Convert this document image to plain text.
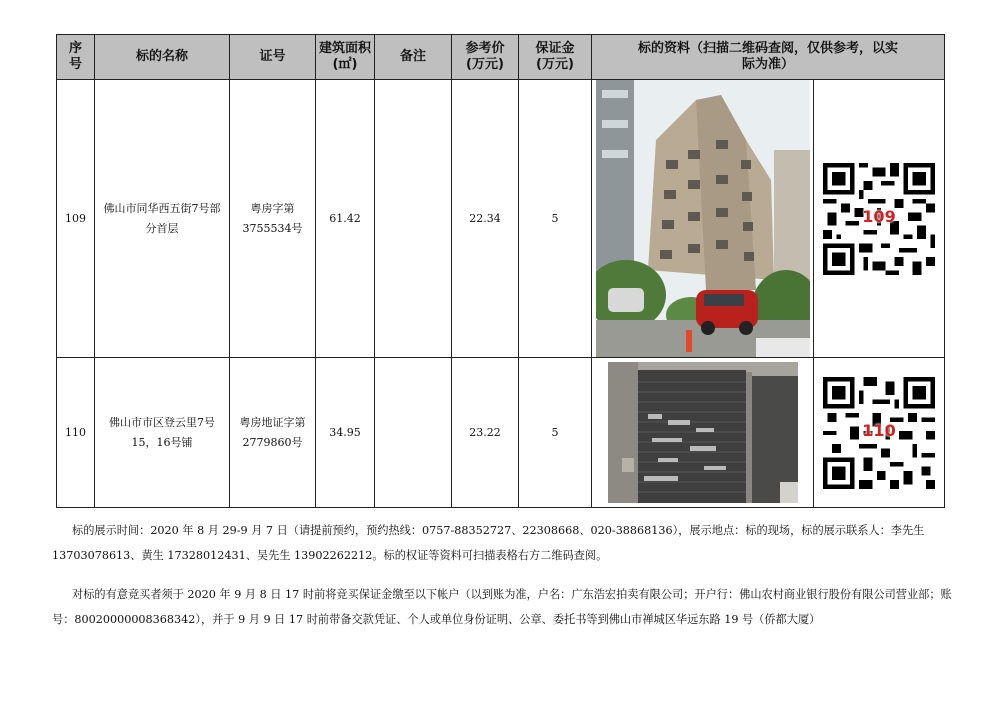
序号	标的名称	证号	建筑面积(㎡)	备注	参考价(万元)	保证金(万元)	标的资料（扫描二维码查阅，仅供参考，以实际为准）	

109	佛山市同华西五街7号部分首层	粤房字第3755534号	61.42		22.34	5		109

110	佛山市市区登云里7号15，16号铺	粤房地证字第2779860号	34.95		23.22	5		110

标的展示时间：2020 年 8 月 29-9 月 7 日（请提前预约，预约热线：0757-88352727、22308668、020-38868136），展示地点：标的现场，标的展示联系人：李先生 13703078613、黄生 17328012431、吴先生 13902262212。标的权证等资料可扫描表格右方二维码查阅。

对标的有意竞买者须于 2020 年 9 月 8 日 17 时前将竞买保证金缴至以下帐户（以到账为准，户名：广东浩宏拍卖有限公司；开户行：佛山农村商业银行股份有限公司营业部；账号：80020000008368342），并于 9 月 9 日 17 时前带备交款凭证、个人或单位身份证明、公章、委托书等到佛山市禅城区华远东路 19 号（侨都大厦）
